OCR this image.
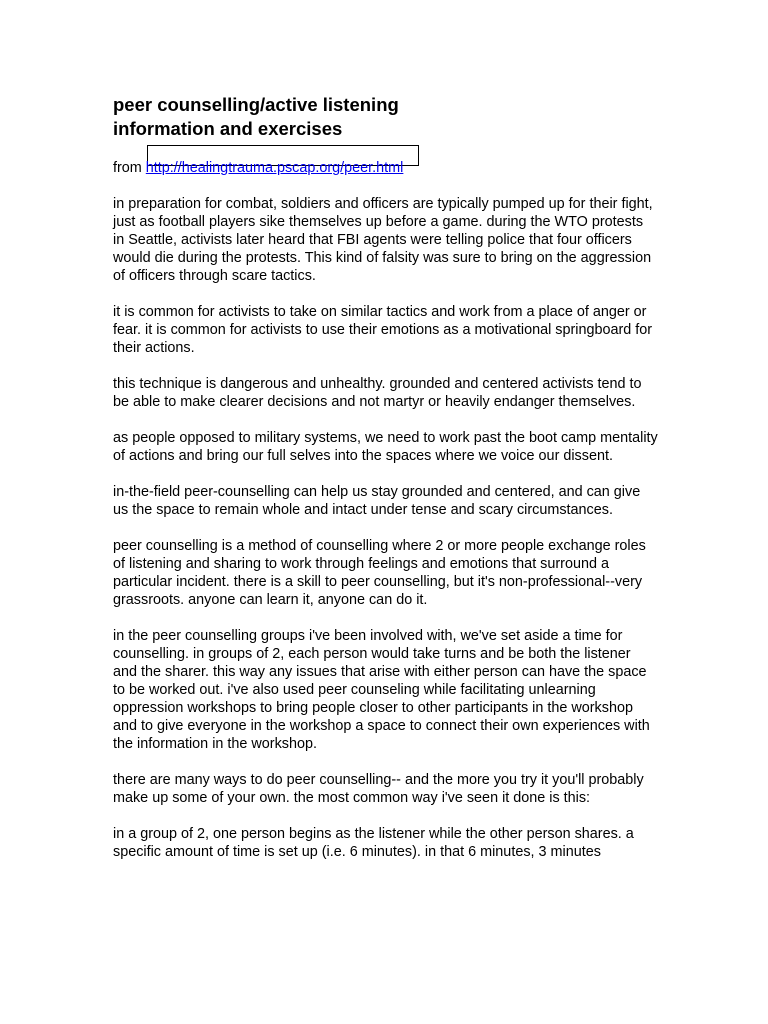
peer counselling/active listening
information and exercises

from http://healingtrauma.pscap.org/peer.html

in preparation for combat, soldiers and officers are typically pumped up for their fight, just as football players sike themselves up before a game. during the WTO protests in Seattle, activists later heard that FBI agents were telling police that four officers would die during the protests. This kind of falsity was sure to bring on the aggression of officers through scare tactics.

it is common for activists to take on similar tactics and work from a place of anger or fear. it is common for activists to use their emotions as a motivational springboard for their actions.

this technique is dangerous and unhealthy. grounded and centered activists tend to be able to make clearer decisions and not martyr or heavily endanger themselves.

as people opposed to military systems, we need to work past the boot camp mentality of actions and bring our full selves into the spaces where we voice our dissent.

in-the-field peer-counselling can help us stay grounded and centered, and can give us the space to remain whole and intact under tense and scary circumstances.

peer counselling is a method of counselling where 2 or more people exchange roles of listening and sharing to work through feelings and emotions that surround a particular incident. there is a skill to peer counselling, but it's non-professional--very grassroots. anyone can learn it, anyone can do it.

in the peer counselling groups i've been involved with, we've set aside a time for counselling. in groups of 2, each person would take turns and be both the listener and the sharer. this way any issues that arise with either person can have the space to be worked out. i've also used peer counseling while facilitating unlearning oppression workshops to bring people closer to other participants in the workshop and to give everyone in the workshop a space to connect their own experiences with the information in the workshop.

there are many ways to do peer counselling-- and the more you try it you'll probably make up some of your own. the most common way i've seen it done is this:

in a group of 2, one person begins as the listener while the other person shares. a specific amount of time is set up (i.e. 6 minutes). in that 6 minutes, 3 minutes
